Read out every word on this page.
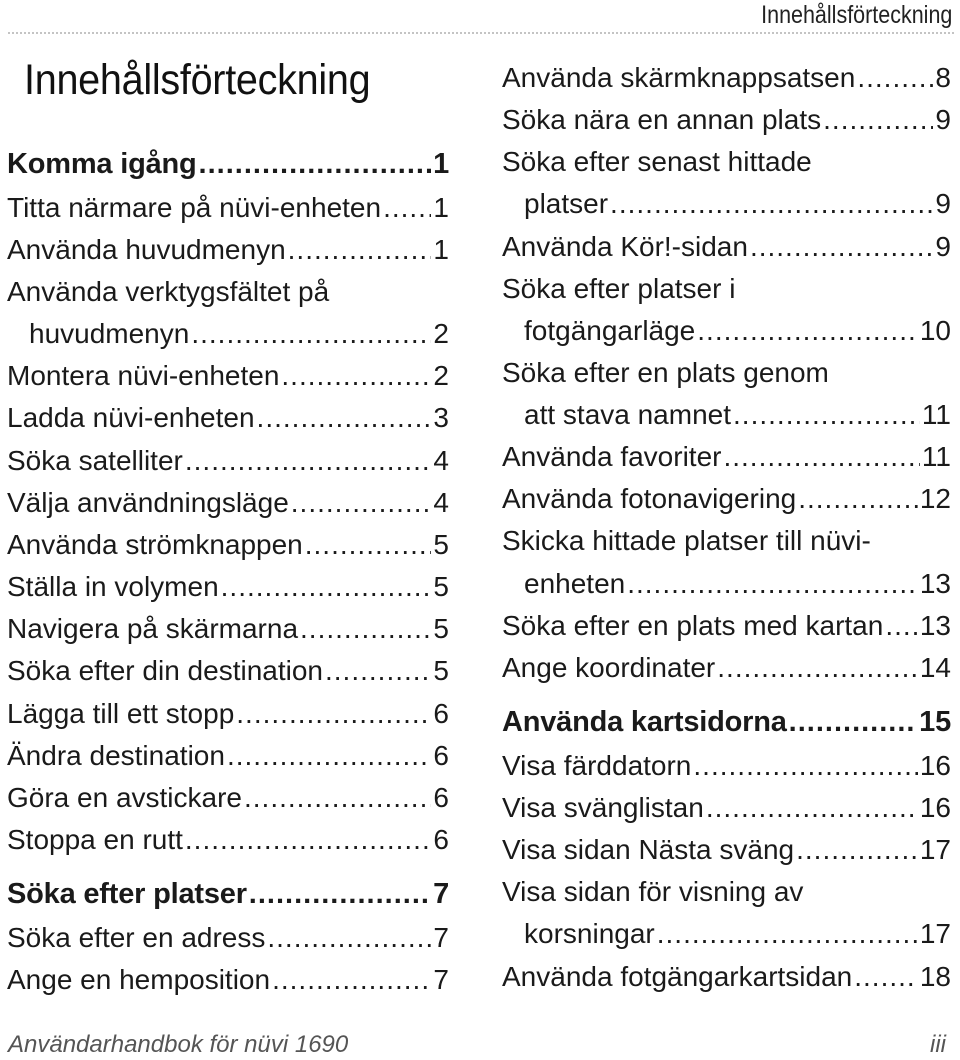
Innehållsförteckning
Innehållsförteckning
Komma igång .....	1
Titta närmare på nüvi-enheten ..... 1
Använda huvudmenyn .....	1
Använda verktygsfältet på
huvudmenyn .....	2
Montera nüvi-enheten .....	2
Ladda nüvi-enheten .....	3
Söka satelliter .....	4
Välja användningsläge .....	4
Använda strömknappen .....	5
Ställa in volymen .....	5
Navigera på skärmarna .....	5
Söka efter din destination .....	5
Lägga till ett stopp .....	6
Ändra destination .....	6
Göra en avstickare .....	6
Stoppa en rutt .....	6
Söka efter platser .....	7
Söka efter en adress .....	7
Ange en hemposition .....	7
Använda skärmknappsatsen .....	8
Söka nära en annan plats .....	9
Söka efter senast hittade
platser .....	9
Använda Kör!-sidan .....	9
Söka efter platser i
fotgängarläge .....	10
Söka efter en plats genom
att stava namnet .....	11
Använda favoriter .....	11
Använda fotonavigering .....	12
Skicka hittade platser till nüvi-
enheten .....	13
Söka efter en plats med kartan ..... 13
Ange koordinater .....	14
Använda kartsidorna .....	15
Visa färddatorn .....	16
Visa svänglistan .....	16
Visa sidan Nästa sväng .....	17
Visa sidan för visning av
korsningar .....	17
Använda fotgängarkartsidan ..... 18
Användarhandbok för nüvi 1690	iii
